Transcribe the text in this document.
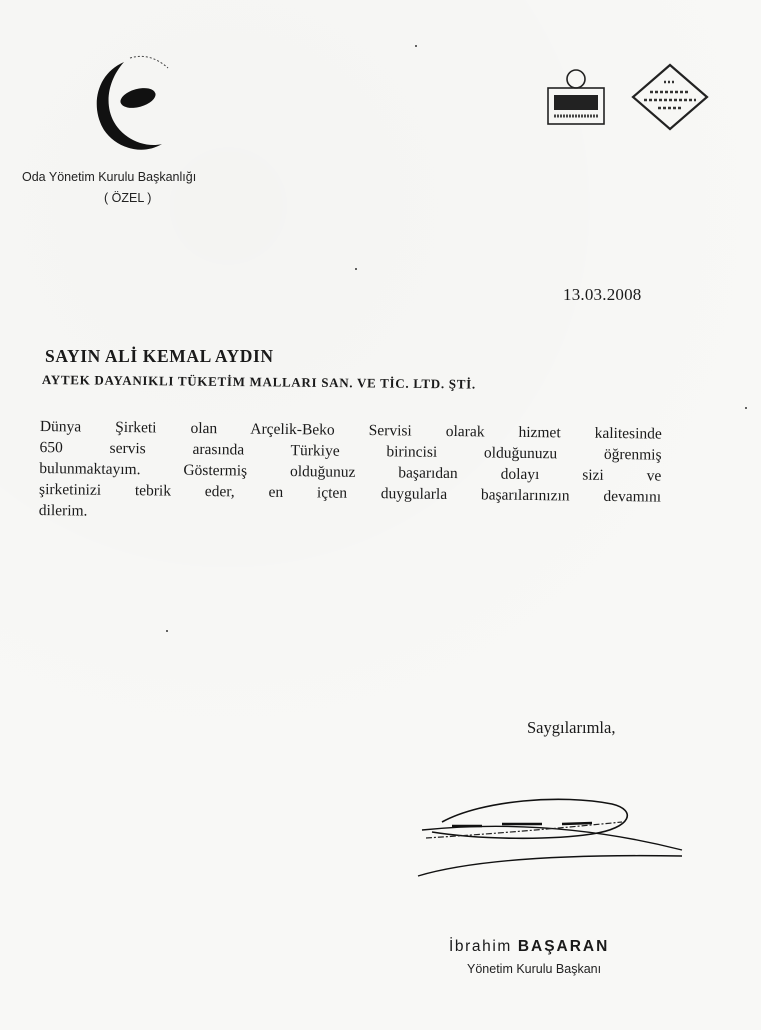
Oda Yönetim Kurulu Başkanlığı
( ÖZEL )
13.03.2008
SAYIN ALİ KEMAL AYDIN
AYTEK DAYANIKLI TÜKETİM MALLARI SAN. VE TİC. LTD. ŞTİ.
Dünya Şirketi olan Arçelik-Beko Servisi olarak hizmet kalitesinde
650 servis arasında Türkiye birincisi olduğunuzu öğrenmiş
bulunmaktayım. Göstermiş olduğunuz başarıdan dolayı sizi ve
şirketinizi tebrik eder, en içten duygularla başarılarınızın devamını
dilerim.
Saygılarımla,
İbrahim BAŞARAN
Yönetim Kurulu Başkanı
